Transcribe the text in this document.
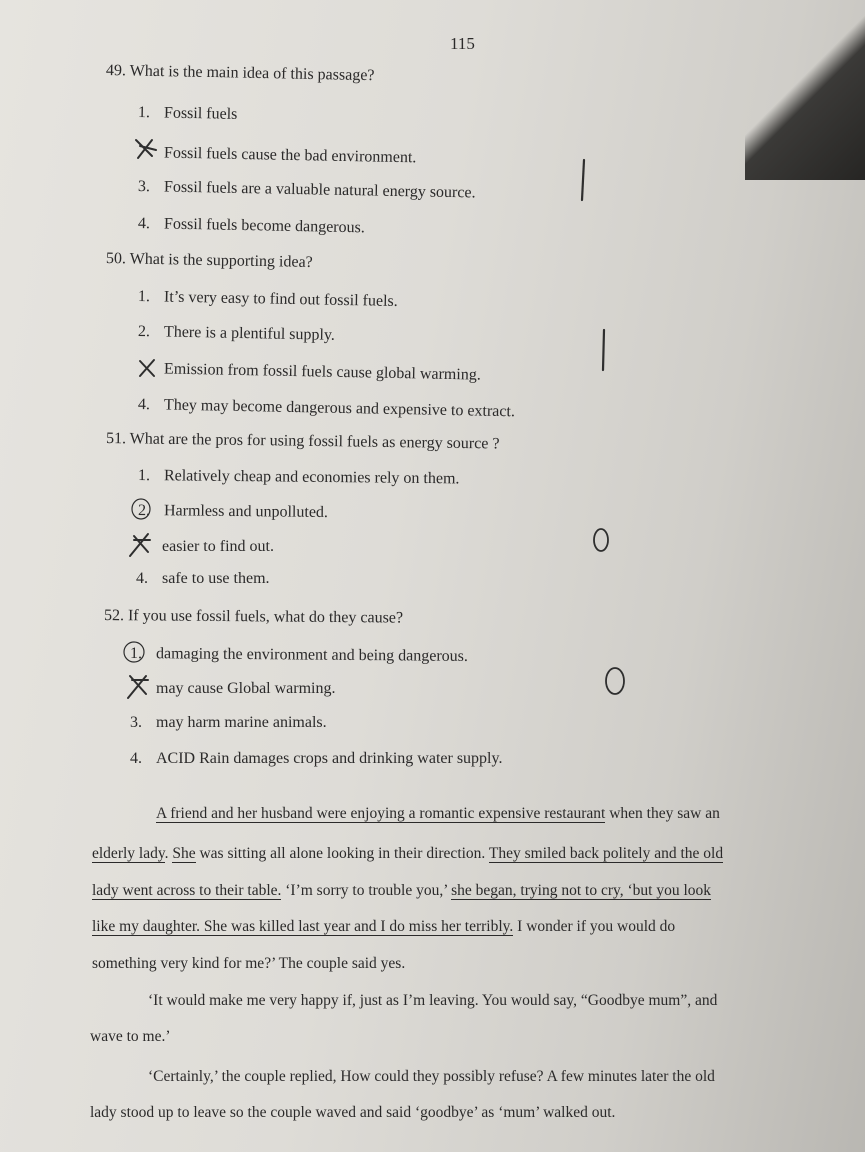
115
49. What is the main idea of this passage?
1. Fossil fuels
Fossil fuels cause the bad environment.
3. Fossil fuels are a valuable natural energy source.
4. Fossil fuels become dangerous.
50. What is the supporting idea?
1. It’s very easy to find out fossil fuels.
2. There is a plentiful supply.
Emission from fossil fuels cause global warming.
4. They may become dangerous and expensive to extract.
51. What are the pros for using fossil fuels as energy source ?
1. Relatively cheap and economies rely on them.
2. Harmless and unpolluted.
easier to find out.
4. safe to use them.
52. If you use fossil fuels, what do they cause?
1. damaging the environment and being dangerous.
may cause Global warming.
3. may harm marine animals.
4. ACID Rain damages crops and drinking water supply.
A friend and her husband were enjoying a romantic expensive restaurant when they saw an
elderly lady. She was sitting all alone looking in their direction. They smiled back politely and the old
lady went across to their table. ‘I’m sorry to trouble you,’ she began, trying not to cry, ‘but you look
like my daughter. She was killed last year and I do miss her terribly. I wonder if you would do
something very kind for me?’ The couple said yes.
‘It would make me very happy if, just as I’m leaving. You would say, “Goodbye mum”, and
wave to me.’
‘Certainly,’ the couple replied, How could they possibly refuse? A few minutes later the old
lady stood up to leave so the couple waved and said ‘goodbye’ as ‘mum’ walked out.
